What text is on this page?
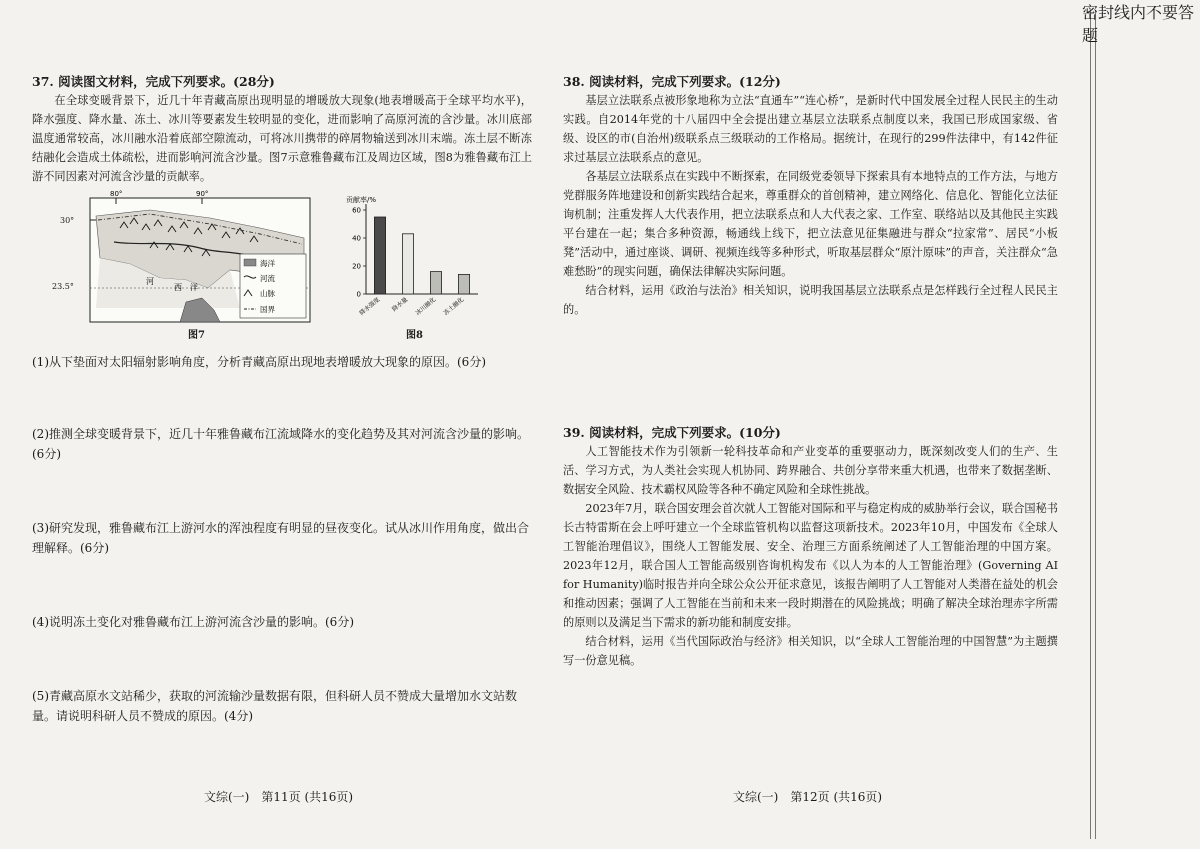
37. 阅读图文材料，完成下列要求。(28分)

在全球变暖背景下，近几十年青藏高原出现明显的增暖放大现象(地表增暖高于全球平均水平)，降水强度、降水量、冻土、冰川等要素发生较明显的变化，进而影响了高原河流的含沙量。冰川底部温度通常较高，冰川融水沿着底部空隙流动，可将冰川携带的碎屑物输送到冰川末端。冻土层不断冻结融化会造成土体疏松，进而影响河流含沙量。图7示意雅鲁藏布江及周边区域，图8为雅鲁藏布江上游不同因素对河流含沙量的贡献率。

80°	90°
河
西 洋
海洋
河流
山脉
国界
30°
23.5°
图7
贡献率/%
0
20
40
60
降水强度 降水量 冰川融化 冻土融化
图8

(1)从下垫面对太阳辐射影响角度，分析青藏高原出现地表增暖放大现象的原因。(6分)

(2)推测全球变暖背景下，近几十年雅鲁藏布江流域降水的变化趋势及其对河流含沙量的影响。(6分)

(3)研究发现，雅鲁藏布江上游河水的浑浊程度有明显的昼夜变化。试从冰川作用角度，做出合理解释。(6分)

(4)说明冻土变化对雅鲁藏布江上游河流含沙量的影响。(6分)

(5)青藏高原水文站稀少，获取的河流输沙量数据有限，但科研人员不赞成大量增加水文站数量。请说明科研人员不赞成的原因。(4分)

文综(一)　第11页 (共16页)

38. 阅读材料，完成下列要求。(12分)

基层立法联系点被形象地称为立法“直通车”“连心桥”，是新时代中国发展全过程人民民主的生动实践。自2014年党的十八届四中全会提出建立基层立法联系点制度以来，我国已形成国家级、省级、设区的市(自治州)级联系点三级联动的工作格局。据统计，在现行的299件法律中，有142件征求过基层立法联系点的意见。

各基层立法联系点在实践中不断探索，在同级党委领导下探索具有本地特点的工作方法，与地方党群服务阵地建设和创新实践结合起来，尊重群众的首创精神，建立网络化、信息化、智能化立法征询机制；注重发挥人大代表作用，把立法联系点和人大代表之家、工作室、联络站以及其他民主实践平台建在一起；集合多种资源，畅通线上线下，把立法意见征集融进与群众“拉家常”、居民“小板凳”活动中，通过座谈、调研、视频连线等多种形式，听取基层群众“原汁原味”的声音，关注群众“急难愁盼”的现实问题，确保法律解决实际问题。

结合材料，运用《政治与法治》相关知识，说明我国基层立法联系点是怎样践行全过程人民民主的。

39. 阅读材料，完成下列要求。(10分)

人工智能技术作为引领新一轮科技革命和产业变革的重要驱动力，既深刻改变人们的生产、生活、学习方式，为人类社会实现人机协同、跨界融合、共创分享带来重大机遇，也带来了数据垄断、数据安全风险、技术霸权风险等各种不确定风险和全球性挑战。

2023年7月，联合国安理会首次就人工智能对国际和平与稳定构成的威胁举行会议，联合国秘书长古特雷斯在会上呼吁建立一个全球监管机构以监督这项新技术。2023年10月，中国发布《全球人工智能治理倡议》，围绕人工智能发展、安全、治理三方面系统阐述了人工智能治理的中国方案。2023年12月，联合国人工智能高级别咨询机构发布《以人为本的人工智能治理》(Governing AI for Humanity)临时报告并向全球公众公开征求意见，该报告阐明了人工智能对人类潜在益处的机会和推动因素；强调了人工智能在当前和未来一段时期潜在的风险挑战；明确了解决全球治理赤字所需的原则以及满足当下需求的新功能和制度安排。

结合材料，运用《当代国际政治与经济》相关知识，以“全球人工智能治理的中国智慧”为主题撰写一份意见稿。

文综(一)　第12页 (共16页)
密封线内不要答题
